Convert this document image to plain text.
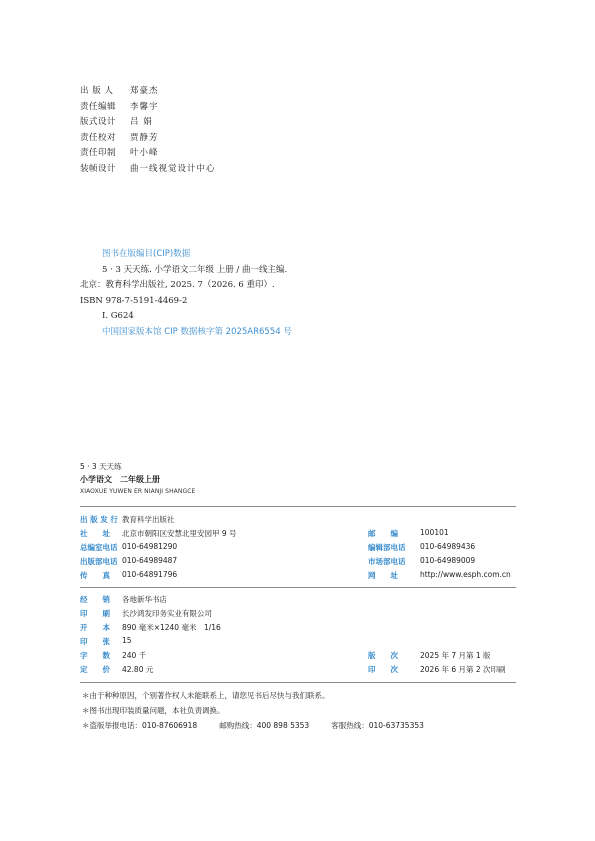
出 版 人	郑豪杰
责任编辑	李馨宇
版式设计	吕 娟
责任校对	贾静芳
责任印制	叶小峰
装帧设计	曲一线视觉设计中心
图书在版编目(CIP)数据
5 · 3 天天练. 小学语文二年级 上册 / 曲一线主编.
北京：教育科学出版社, 2025. 7（2026. 6 重印）.
ISBN 978-7-5191-4469-2
Ⅰ. G624
中国国家版本馆 CIP 数据核字第 2025AR6554 号
5 · 3 天天练
小学语文　二年级上册
XIAOXUE YUWEN ER NIANJI SHANGCE
出 版 发 行 教育科学出版社
社　　址 北京市朝阳区安慧北里安园甲 9 号	邮　　编	100101
总编室电话 010-64981290	编辑部电话 010-64989436
出版部电话 010-64989487	市场部电话 010-64989009
传　　真 010-64891796	网　　址	http://www.esph.com.cn
经　　销 各地新华书店
印　　刷 长沙鸿发印务实业有限公司
开　　本 890 毫米×1240 毫米　1/16
印　　张 15
字　　数 240 千	版　　次	2025 年 7 月第 1 版
定　　价 42.80 元	印　　次	2026 年 6 月第 2 次印刷
＊由于种种原因，个别著作权人未能联系上，请您见书后尽快与我们联系。
＊图书出现印装质量问题，本社负责调换。
＊盗版举报电话：010-87606918	邮购热线：400 898 5353	客服热线：010-63735353
